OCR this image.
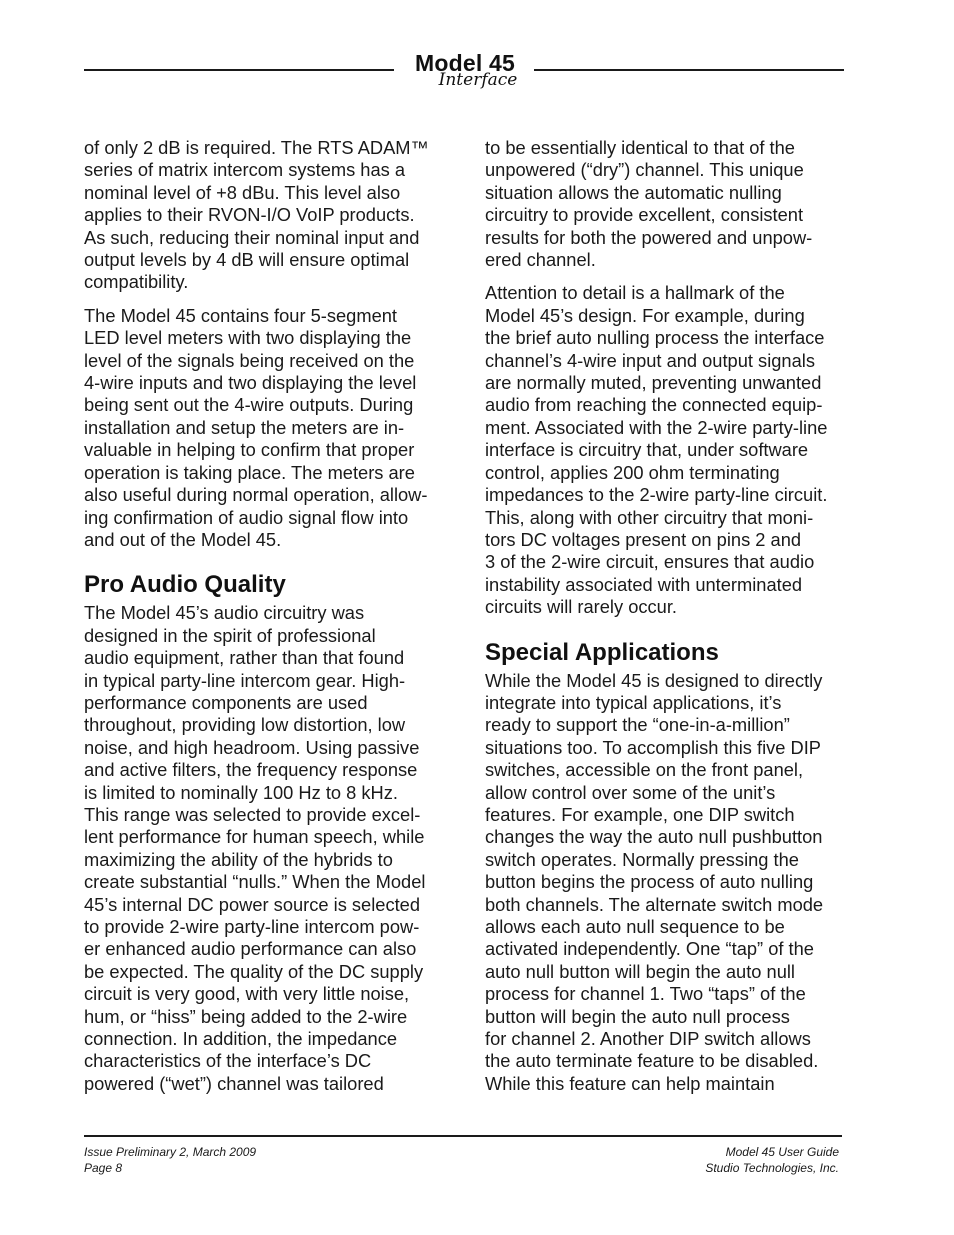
Model 45
Interface

of only 2 dB is required. The RTS ADAM™
series of matrix intercom systems has a
nominal level of +8 dBu. This level also
applies to their RVON-I/O VoIP products.
As such, reducing their nominal input and
output levels by 4 dB will ensure optimal
compatibility.

The Model 45 contains four 5-segment
LED level meters with two displaying the
level of the signals being received on the
4-wire inputs and two displaying the level
being sent out the 4-wire outputs. During
installation and setup the meters are in-
valuable in helping to confirm that proper
operation is taking place. The meters are
also useful during normal operation, allow-
ing confirmation of audio signal flow into
and out of the Model 45.

Pro Audio Quality

The Model 45’s audio circuitry was
designed in the spirit of professional
audio equipment, rather than that found
in typical party-line intercom gear. High-
performance components are used
throughout, providing low distortion, low
noise, and high headroom. Using passive
and active filters, the frequency response
is limited to nominally 100 Hz to 8 kHz.
This range was selected to provide excel-
lent performance for human speech, while
maximizing the ability of the hybrids to
create substantial “nulls.” When the Model
45’s internal DC power source is selected
to provide 2-wire party-line intercom pow-
er enhanced audio performance can also
be expected. The quality of the DC supply
circuit is very good, with very little noise,
hum, or “hiss” being added to the 2-wire
connection. In addition, the impedance
characteristics of the interface’s DC
powered (“wet”) channel was tailored

to be essentially identical to that of the
unpowered (“dry”) channel. This unique
situation allows the automatic nulling
circuitry to provide excellent, consistent
results for both the powered and unpow-
ered channel.

Attention to detail is a hallmark of the
Model 45’s design. For example, during
the brief auto nulling process the interface
channel’s 4-wire input and output signals
are normally muted, preventing unwanted
audio from reaching the connected equip-
ment. Associated with the 2-wire party-line
interface is circuitry that, under software
control, applies 200 ohm terminating
impedances to the 2-wire party-line circuit.
This, along with other circuitry that moni-
tors DC voltages present on pins 2 and
3 of the 2-wire circuit, ensures that audio
instability associated with unterminated
circuits will rarely occur.

Special Applications

While the Model 45 is designed to directly
integrate into typical applications, it’s
ready to support the “one-in-a-million”
situations too. To accomplish this five DIP
switches, accessible on the front panel,
allow control over some of the unit’s
features. For example, one DIP switch
changes the way the auto null pushbutton
switch operates. Normally pressing the
button begins the process of auto nulling
both channels. The alternate switch mode
allows each auto null sequence to be
activated independently. One “tap” of the
auto null button will begin the auto null
process for channel 1. Two “taps” of the
button will begin the auto null process
for channel 2. Another DIP switch allows
the auto terminate feature to be disabled.
While this feature can help maintain

Issue Preliminary 2, March 2009
Page 8
Model 45 User Guide
Studio Technologies, Inc.
